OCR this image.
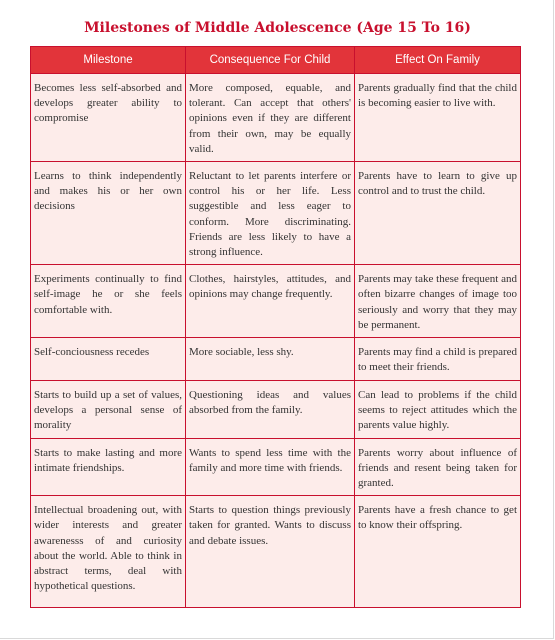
Milestones of Middle Adolescence (Age 15 To 16)
Milestone	Consequence For Child	Effect On Family
Becomes less self-absorbed and develops greater ability to compromise	More composed, equable, and tolerant. Can accept that others' opinions even if they are different from their own, may be equally valid.	Parents gradually find that the child is becoming easier to live with.
Learns to think independently and makes his or her own decisions	Reluctant to let parents interfere or control his or her life. Less suggestible and less eager to conform. More discriminating. Friends are less likely to have a strong influence.	Parents have to learn to give up control and to trust the child.
Experiments continually to find self-image he or she feels comfortable with.	Clothes, hairstyles, attitudes, and opinions may change frequently.	Parents may take these frequent and often bizarre changes of image too seriously and worry that they may be permanent.
Self-conciousness recedes	More sociable, less shy.	Parents may find a child is prepared to meet their friends.
Starts to build up a set of values, develops a personal sense of morality	Questioning ideas and values absorbed from the family.	Can lead to problems if the child seems to reject attitudes which the parents value highly.
Starts to make lasting and more intimate friendships.	Wants to spend less time with the family and more time with friends.	Parents worry about influence of friends and resent being taken for granted.
Intellectual broadening out, with wider interests and greater awarenesss of and curiosity about the world. Able to think in abstract terms, deal with hypothetical questions.	Starts to question things previously taken for granted. Wants to discuss and debate issues.	Parents have a fresh chance to get to know their offspring.
